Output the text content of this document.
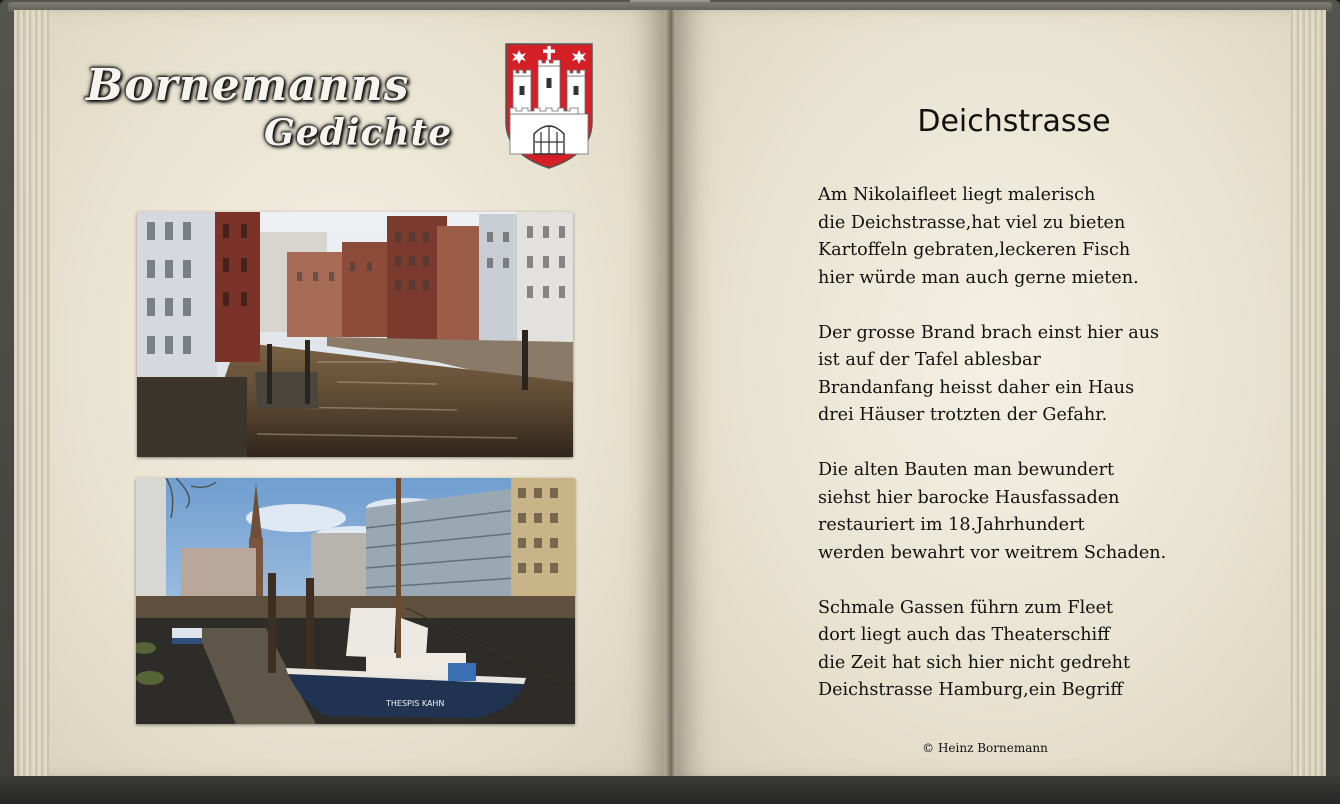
Bornemanns
Gedichte
THESPIS KAHN
Deichstrasse
Am Nikolaifleet liegt malerisch
die Deichstrasse,hat viel zu bieten
Kartoffeln gebraten,leckeren Fisch
hier würde man auch gerne mieten.
Der grosse Brand brach einst hier aus
ist auf der Tafel ablesbar
Brandanfang heisst daher ein Haus
drei Häuser trotzten der Gefahr.
Die alten Bauten man bewundert
siehst hier barocke Hausfassaden
restauriert im 18.Jahrhundert
werden bewahrt vor weitrem Schaden.
Schmale Gassen führn zum Fleet
dort liegt auch das Theaterschiff
die Zeit hat sich hier nicht gedreht
Deichstrasse Hamburg,ein Begriff
© Heinz Bornemann
